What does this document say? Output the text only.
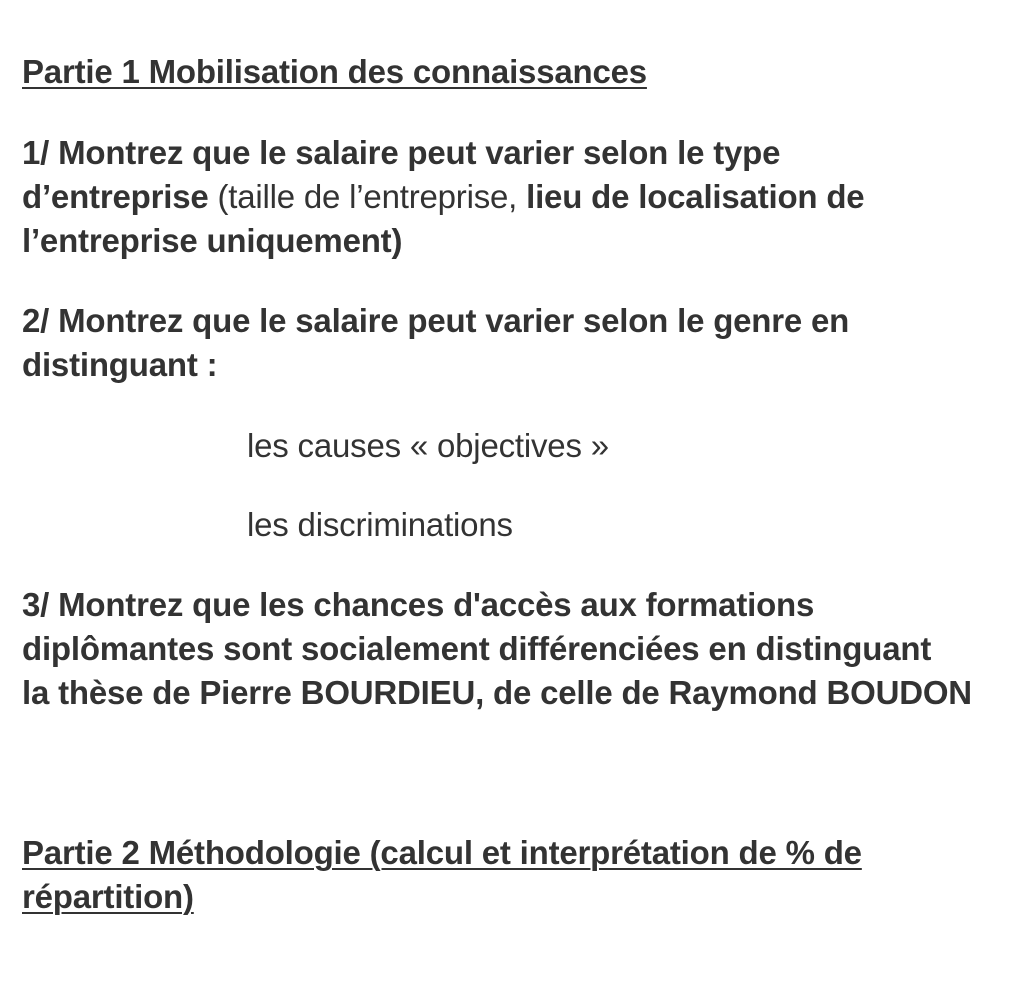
Partie 1 Mobilisation des connaissances
1/ Montrez que le salaire peut varier selon le type
d’entreprise (taille de l’entreprise, lieu de localisation de
l’entreprise uniquement)
2/ Montrez que le salaire peut varier selon le genre en
distinguant :
les causes « objectives »
les discriminations
3/ Montrez que les chances d'accès aux formations
diplômantes sont socialement différenciées en distinguant
la thèse de Pierre BOURDIEU, de celle de Raymond BOUDON
Partie 2 Méthodologie (calcul et interprétation de % de
répartition)
